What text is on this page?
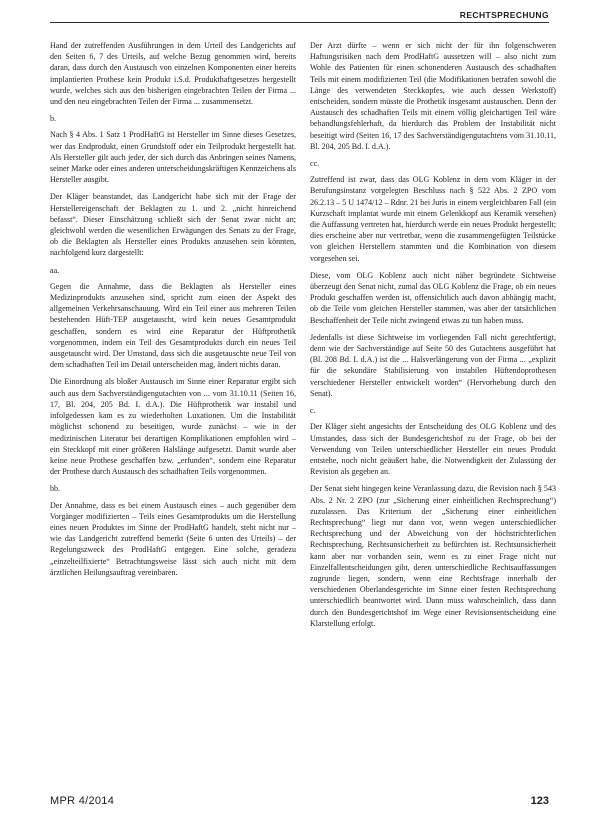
RECHTSPRECHUNG

Hand der zutreffenden Ausführungen in dem Urteil des Landgerichts auf den Seiten 6, 7 des Urteils, auf welche Bezug genommen wird, bereits daran, dass durch den Austausch von einzelnen Komponenten einer bereits implantierten Prothese kein Produkt i.S.d. Produkthaftgesetzes hergestellt wurde, welches sich aus den bisherigen eingebrachten Teilen der Firma ... und den neu eingebrachten Teilen der Firma ... zusammensetzt.

b.

Nach § 4 Abs. 1 Satz 1 ProdHaftG ist Hersteller im Sinne dieses Gesetzes, wer das Endprodukt, einen Grundstoff oder ein Teilprodukt hergestellt hat. Als Hersteller gilt auch jeder, der sich durch das Anbringen seines Namens, seiner Marke oder eines anderen unterscheidungskräftigen Kennzeichens als Hersteller ausgibt.

Der Kläger beanstandet, das Landgericht habe sich mit der Frage der Herstellereigenschaft der Beklagten zu 1. und 2. „nicht hinreichend befasst“. Dieser Einschätzung schließt sich der Senat zwar nicht an; gleichwohl werden die wesentlichen Erwägungen des Senats zu der Frage, ob die Beklagten als Hersteller eines Produkts anzusehen sein könnten, nachfolgend kurz dargestellt:

aa.

Gegen die Annahme, dass die Beklagten als Hersteller eines Medizinprodukts anzusehen sind, spricht zum einen der Aspekt des allgemeinen Verkehrsanschauung. Wird ein Teil einer aus mehreren Teilen bestehenden Hüft-TEP ausgetauscht, wird kein neues Gesamtprodukt geschaffen, sondern es wird eine Reparatur der Hüftprothetik vorgenommen, indem ein Teil des Gesamtprodukts durch ein neues Teil ausgetauscht wird. Der Umstand, dass sich die ausgetauschte neue Teil von dem schadhaften Teil im Detail unterscheiden mag, ändert nichts daran.

Die Einordnung als bloßer Austausch im Sinne einer Reparatur ergibt sich auch aus dem Sachverständigengutachten von ... vom 31.10.11 (Seiten 16, 17, Bl. 204, 205 Bd. I. d.A.). Die Hüftprothetik war instabil und infolgedessen kam es zu wiederholten Luxationen. Um die Instabilität möglichst schonend zu beseitigen, wurde zunächst – wie in der medizinischen Literatur bei derartigen Komplikationen empfohlen wird – ein Steckkopf mit einer größeren Halslänge aufgesetzt. Damit wurde aber keine neue Prothese geschaffen bzw. „erfunden“, sondern eine Reparatur der Prothese durch Austausch des schadhaften Teils vorgenommen.

bb.

Der Annahme, dass es bei einem Austausch eines – auch gegenüber dem Vorgänger modifizierten – Teils eines Gesamtprodukts um die Herstellung eines neuen Produktes im Sinne der ProdHaftG handelt, steht nicht nur – wie das Landgericht zutreffend bemerkt (Seite 6 unten des Urteils) – der Regelungszweck des ProdHaftG entgegen. Eine solche, geradezu „einzelteilfixierte“ Betrachtungsweise lässt sich auch nicht mit dem ärztlichen Heilungsauftrag vereinbaren.

Der Arzt dürfte – wenn er sich nicht der für ihn folgenschweren Haftungsrisiken nach dem ProdHaftG aussetzen will – also nicht zum Wohle des Patienten für einen schonenderen Austausch des schadhaften Teils mit einem modifizierten Teil (die Modifikationen betrafen sowohl die Länge des verwendeten Steckkopfes, wie auch dessen Werkstoff) entscheiden, sondern müsste die Prothetik insgesamt austauschen. Denn der Austausch des schadhaften Teils mit einem völlig gleichartigen Teil wäre behandlungsfehlerhaft, da hierdurch das Problem der Instabilität nicht beseitigt wird (Seiten 16, 17 des Sachverständigengutachtens vom 31.10.11, Bl. 204, 205 Bd. I. d.A.).

cc.

Zutreffend ist zwar, dass das OLG Koblenz in dem vom Kläger in der Berufungsinstanz vorgelegten Beschluss nach § 522 Abs. 2 ZPO vom 26.2.13 – 5 U 1474/12 – Rdnr. 21 bei Juris in einem vergleichbaren Fall (ein Kurzschaft implantat wurde mit einem Gelenkkopf aus Keramik versehen) die Auffassung vertreten hat, hierdurch werde ein neues Produkt hergestellt; dies erscheine aber nur vertretbar, wenn die zusammengefügten Teilstücke von gleichen Herstellern stammten und die Kombination von diesem vorgesehen sei.

Diese, vom OLG Koblenz auch nicht näher begründete Sichtweise überzeugt den Senat nicht, zumal das OLG Koblenz die Frage, ob ein neues Produkt geschaffen werden ist, offensichtlich auch davon abhängig macht, ob die Teile vom gleichen Hersteller stammen, was aber der tatsächlichen Beschaffenheit der Teile nicht zwingend etwas zu tun haben muss.

Jedenfalls ist diese Sichtweise im vorliegenden Fall nicht gerechtfertigt, denn wie der Sachverständige auf Seite 50 des Gutachtens ausgeführt hat (Bl. 208 Bd. I. d.A.) ist die ... Halsverlängerung von der Firma ... „explizit für die sekundäre Stabilisierung von instabilen Hüftendoprothesen verschiedener Hersteller entwickelt worden“ (Hervorhebung durch den Senat).

c.

Der Kläger sieht angesichts der Entscheidung des OLG Koblenz und des Umstandes, dass sich der Bundesgerichtshof zu der Frage, ob bei der Verwendung von Teilen unterschiedlicher Hersteller ein neues Produkt entstehe, noch nicht geäußert habe, die Notwendigkeit der Zulassung der Revision als gegeben an.

Der Senat sieht hingegen keine Veranlassung dazu, die Revision nach § 543 Abs. 2 Nr. 2 ZPO (zur „Sicherung einer einheitlichen Rechtsprechung“) zuzulassen. Das Kriterium der „Sicherung einer einheitlichen Rechtsprechung“ liegt nur dann vor, wenn wegen unterschiedlicher Rechtsprechung und der Abweichung von der höchstrichterlichen Rechtsprechung, Rechtsunsicherheit zu befürchten ist. Rechtsunsicherheit kann aber nur vorhanden sein, wenn es zu einer Frage nicht nur Einzelfallentscheidungen gibt, deren unterschiedliche Rechtsauffassungen zugrunde liegen, sondern, wenn eine Rechtsfrage innerhalb der verschiedenen Oberlandesgerichte im Sinne einer festen Rechtsprechung unterschiedlich beantwortet wird. Dann muss wahrscheinlich, dass dann durch den Bundesgerichtshof im Wege einer Revisionsentscheidung eine Klarstellung erfolgt.

MPR 4/2014	123
